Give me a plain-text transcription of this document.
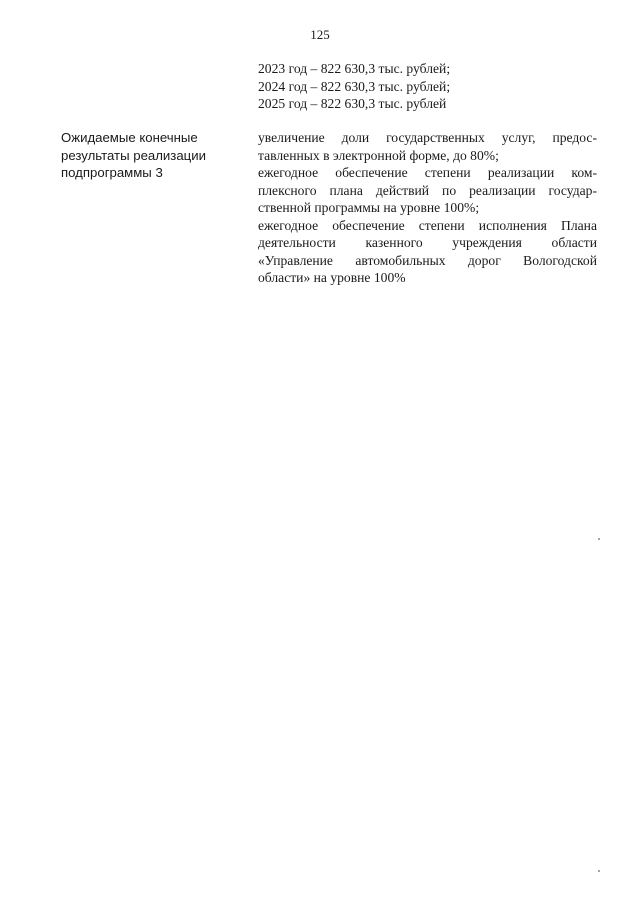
125
2023 год – 822 630,3 тыс. рублей;
2024 год – 822 630,3 тыс. рублей;
2025 год – 822 630,3 тыс. рублей
Ожидаемые конечные
результаты реализации
подпрограммы 3
увеличение доли государственных услуг, предос-
тавленных в электронной форме, до 80%;
ежегодное обеспечение степени реализации ком-
плексного плана действий по реализации государ-
ственной программы на уровне 100%;
ежегодное обеспечение степени исполнения Плана
деятельности казенного учреждения области
«Управление автомобильных дорог Вологодской
области» на уровне 100%
